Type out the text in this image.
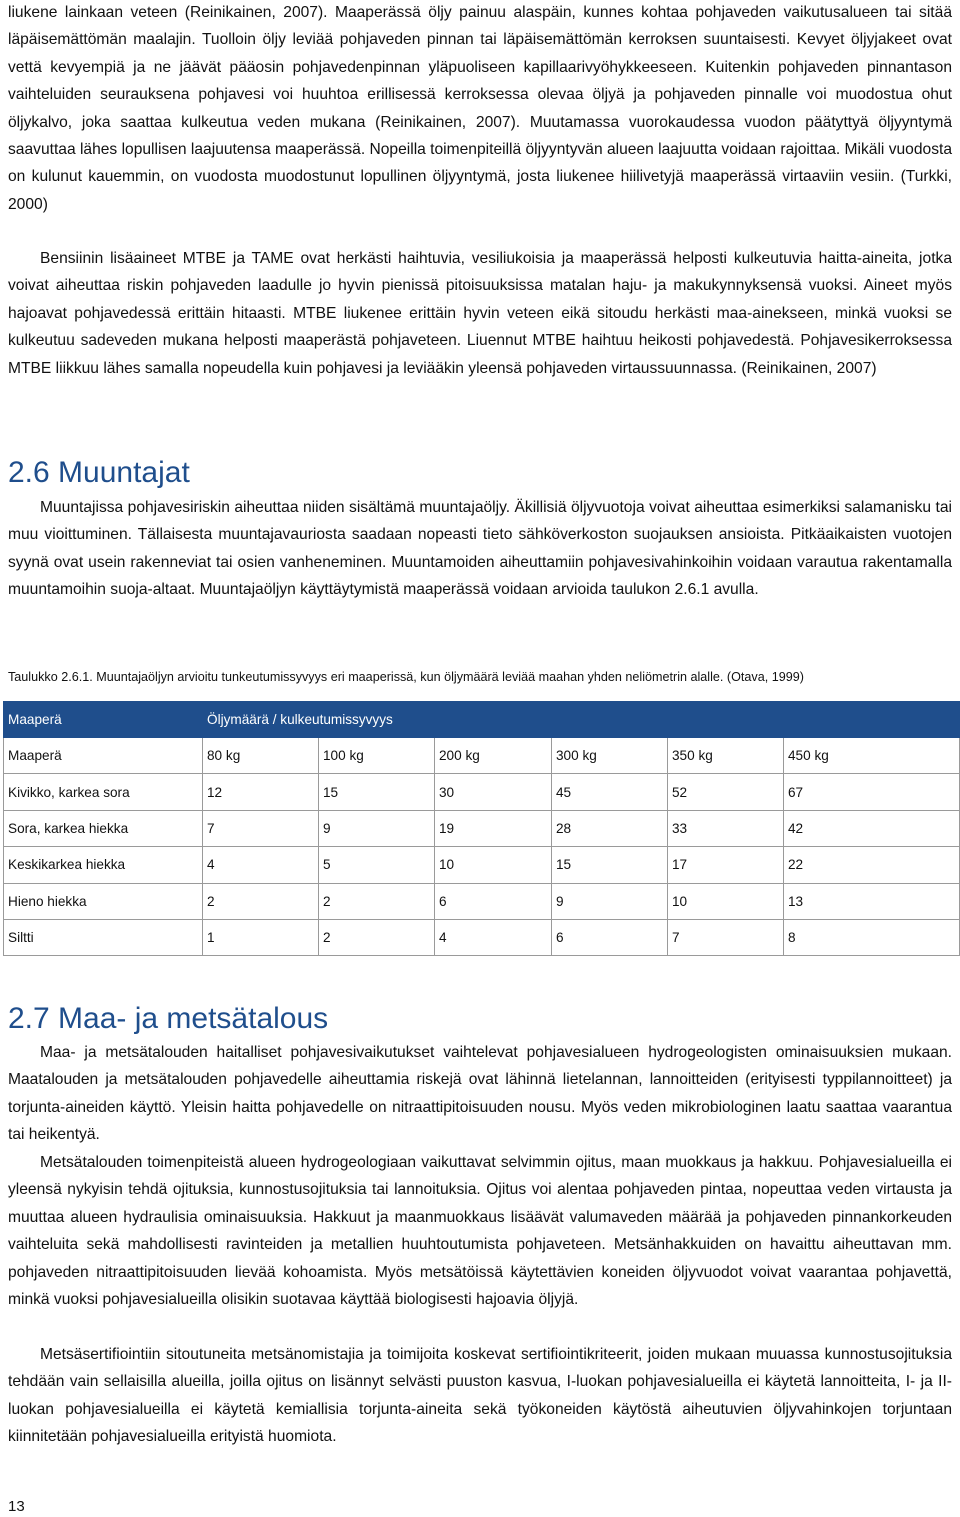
liukene lainkaan veteen (Reinikainen, 2007). Maaperässä öljy painuu alaspäin, kunnes kohtaa pohjaveden vaikutusalueen tai sitää läpäisemättömän maalajin. Tuolloin öljy leviää pohjaveden pinnan tai läpäisemättömän kerroksen suuntaisesti. Kevyet öljyjakeet ovat vettä kevyempiä ja ne jäävät pääosin pohjavedenpinnan yläpuoliseen kapillaarivyöhykkeeseen. Kuitenkin pohjaveden pinnantason vaihteluiden seurauksena pohjavesi voi huuhtoa erillisessä kerroksessa olevaa öljyä ja pohjaveden pinnalle voi muodostua ohut öljykalvo, joka saattaa kulkeutua veden mukana (Reinikainen, 2007). Muutamassa vuorokaudessa vuodon päätyttyä öljyyntymä saavuttaa lähes lopullisen laajuutensa maaperässä. Nopeilla toimenpiteillä öljyyntyvän alueen laajuutta voidaan rajoittaa. Mikäli vuodosta on kulunut kauemmin, on vuodosta muodostunut lopullinen öljyyntymä, josta liukenee hiilivetyjä maaperässä virtaaviin vesiin. (Turkki, 2000)

Bensiinin lisäaineet MTBE ja TAME ovat herkästi haihtuvia, vesiliukoisia ja maaperässä helposti kulkeutuvia haitta-aineita, jotka voivat aiheuttaa riskin pohjaveden laadulle jo hyvin pienissä pitoisuuksissa matalan haju- ja makukynnyksensä vuoksi. Aineet myös hajoavat pohjavedessä erittäin hitaasti. MTBE liukenee erittäin hyvin veteen eikä sitoudu herkästi maa-ainekseen, minkä vuoksi se kulkeutuu sadeveden mukana helposti maaperästä pohjaveteen. Liuennut MTBE haihtuu heikosti pohjavedestä. Pohjavesikerroksessa MTBE liikkuu lähes samalla nopeudella kuin pohjavesi ja leviääkin yleensä pohjaveden virtaussuunnassa. (Reinikainen, 2007)

2.6 Muuntajat

Muuntajissa pohjavesiriskin aiheuttaa niiden sisältämä muuntajaöljy. Äkillisiä öljyvuotoja voivat aiheuttaa esimerkiksi salamanisku tai muu vioittuminen. Tällaisesta muuntajavauriosta saadaan nopeasti tieto sähköverkoston suojauksen ansioista. Pitkäaikaisten vuotojen syynä ovat usein rakenneviat tai osien vanheneminen. Muuntamoiden aiheuttamiin pohjavesivahinkoihin voidaan varautua rakentamalla muuntamoihin suoja-altaat. Muuntajaöljyn käyttäytymistä maaperässä voidaan arvioida taulukon 2.6.1 avulla.

Taulukko 2.6.1. Muuntajaöljyn arvioitu tunkeutumissyvyys eri maaperissä, kun öljymäärä leviää maahan yhden neliömetrin alalle. (Otava, 1999)

Maaperä	Öljymäärä / kulkeutumissyvyys					
Maaperä	80 kg	100 kg	200 kg	300 kg	350 kg	450 kg
Kivikko, karkea sora	12	15	30	45	52	67
Sora, karkea hiekka	7	9	19	28	33	42
Keskikarkea hiekka	4	5	10	15	17	22
Hieno hiekka	2	2	6	9	10	13
Siltti	1	2	4	6	7	8
2.7 Maa- ja metsätalous

Maa- ja metsätalouden haitalliset pohjavesivaikutukset vaihtelevat pohjavesialueen hydrogeologisten ominaisuuksien mukaan. Maatalouden ja metsätalouden pohjavedelle aiheuttamia riskejä ovat lähinnä lietelannan, lannoitteiden (erityisesti typpilannoitteet) ja torjunta-aineiden käyttö. Yleisin haitta pohjavedelle on nitraattipitoisuuden nousu. Myös veden mikrobiologinen laatu saattaa vaarantua tai heikentyä.

Metsätalouden toimenpiteistä alueen hydrogeologiaan vaikuttavat selvimmin ojitus, maan muokkaus ja hakkuu. Pohjavesialueilla ei yleensä nykyisin tehdä ojituksia, kunnostusojituksia tai lannoituksia. Ojitus voi alentaa pohjaveden pintaa, nopeuttaa veden virtausta ja muuttaa alueen hydraulisia ominaisuuksia. Hakkuut ja maanmuokkaus lisäävät valumaveden määrää ja pohjaveden pinnankorkeuden vaihteluita sekä mahdollisesti ravinteiden ja metallien huuhtoutumista pohjaveteen. Metsänhakkuiden on havaittu aiheuttavan mm. pohjaveden nitraattipitoisuuden lievää kohoamista. Myös metsätöissä käytettävien koneiden öljyvuodot voivat vaarantaa pohjavettä, minkä vuoksi pohjavesialueilla olisikin suotavaa käyttää biologisesti hajoavia öljyjä.

Metsäsertifiointiin sitoutuneita metsänomistajia ja toimijoita koskevat sertifiointikriteerit, joiden mukaan muuassa kunnostusojituksia tehdään vain sellaisilla alueilla, joilla ojitus on lisännyt selvästi puuston kasvua, I-luokan pohjavesialueilla ei käytetä lannoitteita, I- ja II-luokan pohjavesialueilla ei käytetä kemiallisia torjunta-aineita sekä työkoneiden käytöstä aiheutuvien öljyvahinkojen torjuntaan kiinnitetään pohjavesialueilla erityistä huomiota.

13
